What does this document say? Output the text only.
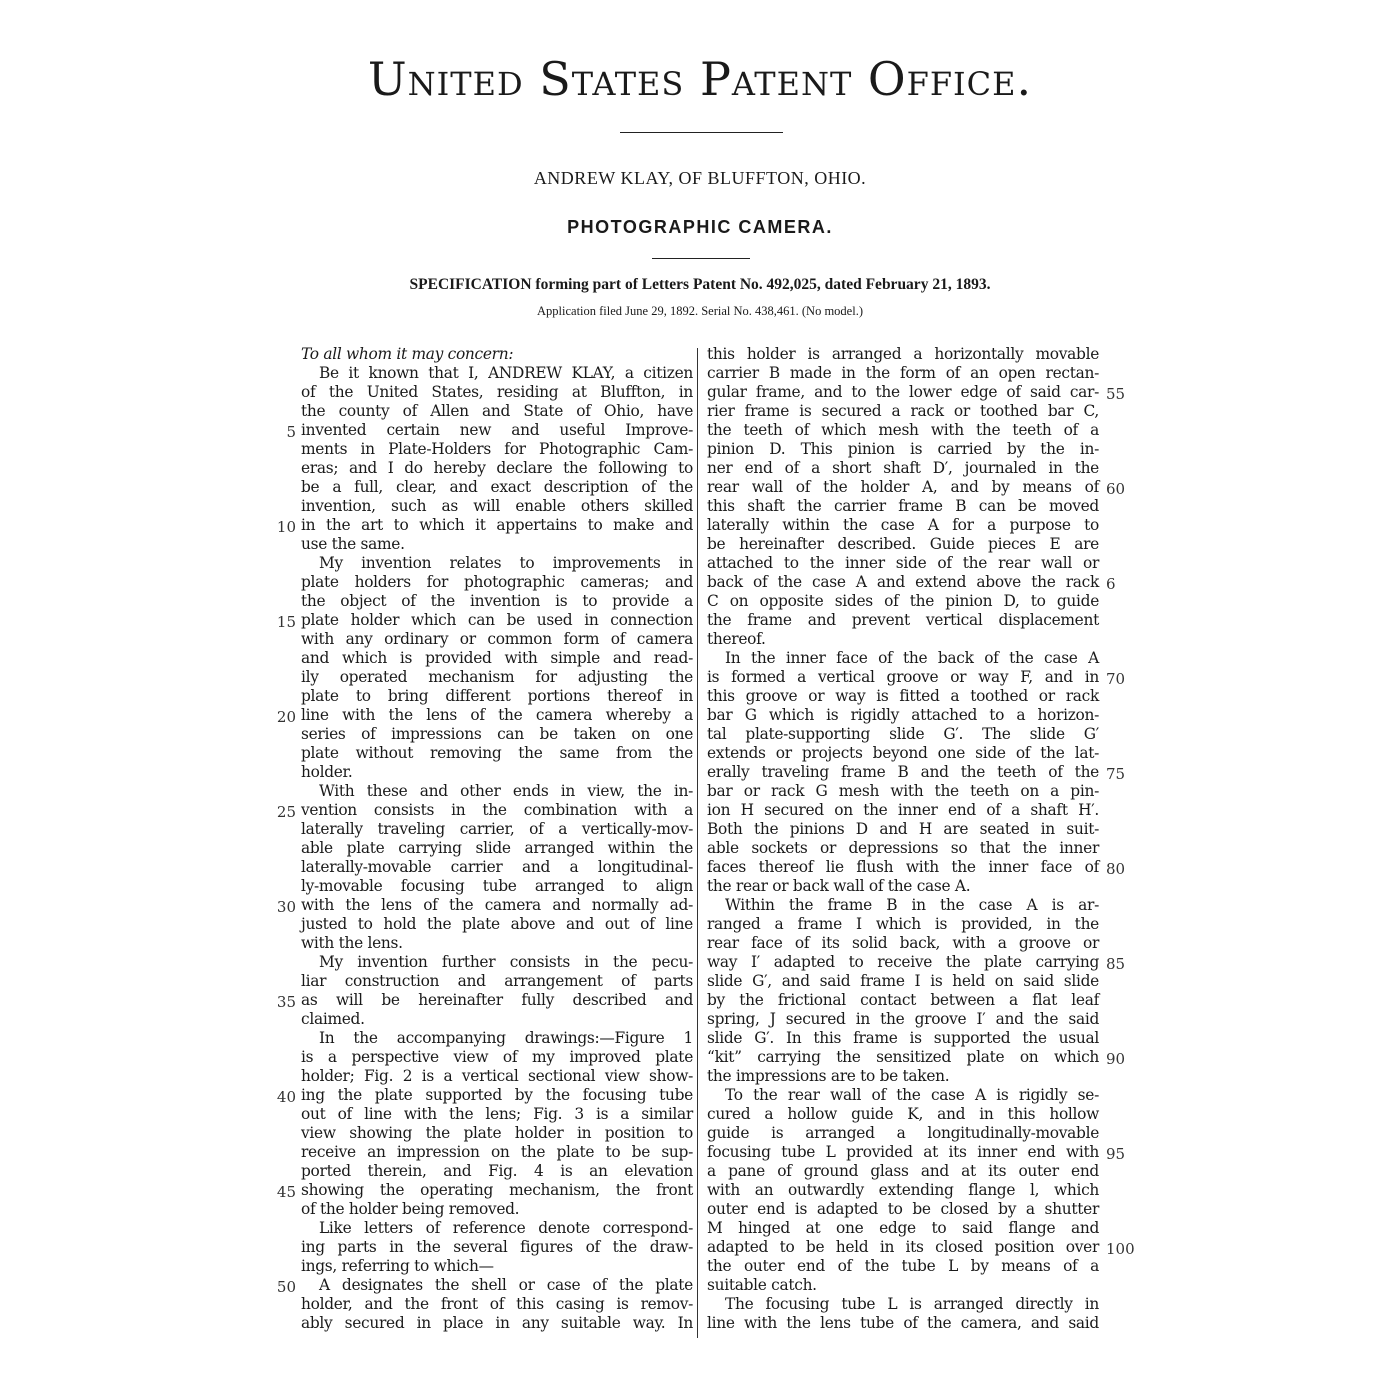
United States Patent Office.
ANDREW KLAY, OF BLUFFTON, OHIO.
PHOTOGRAPHIC CAMERA.
SPECIFICATION forming part of Letters Patent No. 492,025, dated February 21, 1893.
Application filed June 29, 1892. Serial No. 438,461. (No model.)
To all whom it may concern:
Be it known that I, ANDREW KLAY, a citizen
of the United States, residing at Bluffton, in
the county of Allen and State of Ohio, have
invented certain new and useful Improve-
ments in Plate-Holders for Photographic Cam-
eras; and I do hereby declare the following to
be a full, clear, and exact description of the
invention, such as will enable others skilled
in the art to which it appertains to make and
use the same.
My invention relates to improvements in
plate holders for photographic cameras; and
the object of the invention is to provide a
plate holder which can be used in connection
with any ordinary or common form of camera
and which is provided with simple and read-
ily operated mechanism for adjusting the
plate to bring different portions thereof in
line with the lens of the camera whereby a
series of impressions can be taken on one
plate without removing the same from the
holder.
With these and other ends in view, the in-
vention consists in the combination with a
laterally traveling carrier, of a vertically-mov-
able plate carrying slide arranged within the
laterally-movable carrier and a longitudinal-
ly-movable focusing tube arranged to align
with the lens of the camera and normally ad-
justed to hold the plate above and out of line
with the lens.
My invention further consists in the pecu-
liar construction and arrangement of parts
as will be hereinafter fully described and
claimed.
In the accompanying drawings:—Figure 1
is a perspective view of my improved plate
holder; Fig. 2 is a vertical sectional view show-
ing the plate supported by the focusing tube
out of line with the lens; Fig. 3 is a similar
view showing the plate holder in position to
receive an impression on the plate to be sup-
ported therein, and Fig. 4 is an elevation
showing the operating mechanism, the front
of the holder being removed.
Like letters of reference denote correspond-
ing parts in the several figures of the draw-
ings, referring to which—
A designates the shell or case of the plate
holder, and the front of this casing is remov-
ably secured in place in any suitable way. In
this holder is arranged a horizontally movable
carrier B made in the form of an open rectan-
gular frame, and to the lower edge of said car-
rier frame is secured a rack or toothed bar C,
the teeth of which mesh with the teeth of a
pinion D. This pinion is carried by the in-
ner end of a short shaft D′, journaled in the
rear wall of the holder A, and by means of
this shaft the carrier frame B can be moved
laterally within the case A for a purpose to
be hereinafter described. Guide pieces E are
attached to the inner side of the rear wall or
back of the case A and extend above the rack
C on opposite sides of the pinion D, to guide
the frame and prevent vertical displacement
thereof.
In the inner face of the back of the case A
is formed a vertical groove or way F, and in
this groove or way is fitted a toothed or rack
bar G which is rigidly attached to a horizon-
tal plate-supporting slide G′. The slide G′
extends or projects beyond one side of the lat-
erally traveling frame B and the teeth of the
bar or rack G mesh with the teeth on a pin-
ion H secured on the inner end of a shaft H′.
Both the pinions D and H are seated in suit-
able sockets or depressions so that the inner
faces thereof lie flush with the inner face of
the rear or back wall of the case A.
Within the frame B in the case A is ar-
ranged a frame I which is provided, in the
rear face of its solid back, with a groove or
way I′ adapted to receive the plate carrying
slide G′, and said frame I is held on said slide
by the frictional contact between a flat leaf
spring, J secured in the groove I′ and the said
slide G′. In this frame is supported the usual
“kit” carrying the sensitized plate on which
the impressions are to be taken.
To the rear wall of the case A is rigidly se-
cured a hollow guide K, and in this hollow
guide is arranged a longitudinally-movable
focusing tube L provided at its inner end with
a pane of ground glass and at its outer end
with an outwardly extending flange l, which
outer end is adapted to be closed by a shutter
M hinged at one edge to said flange and
adapted to be held in its closed position over
the outer end of the tube L by means of a
suitable catch.
The focusing tube L is arranged directly in
line with the lens tube of the camera, and said
5
10
15
20
25
30
35
40
45
50
55
60
6
70
75
80
85
90
95
100
